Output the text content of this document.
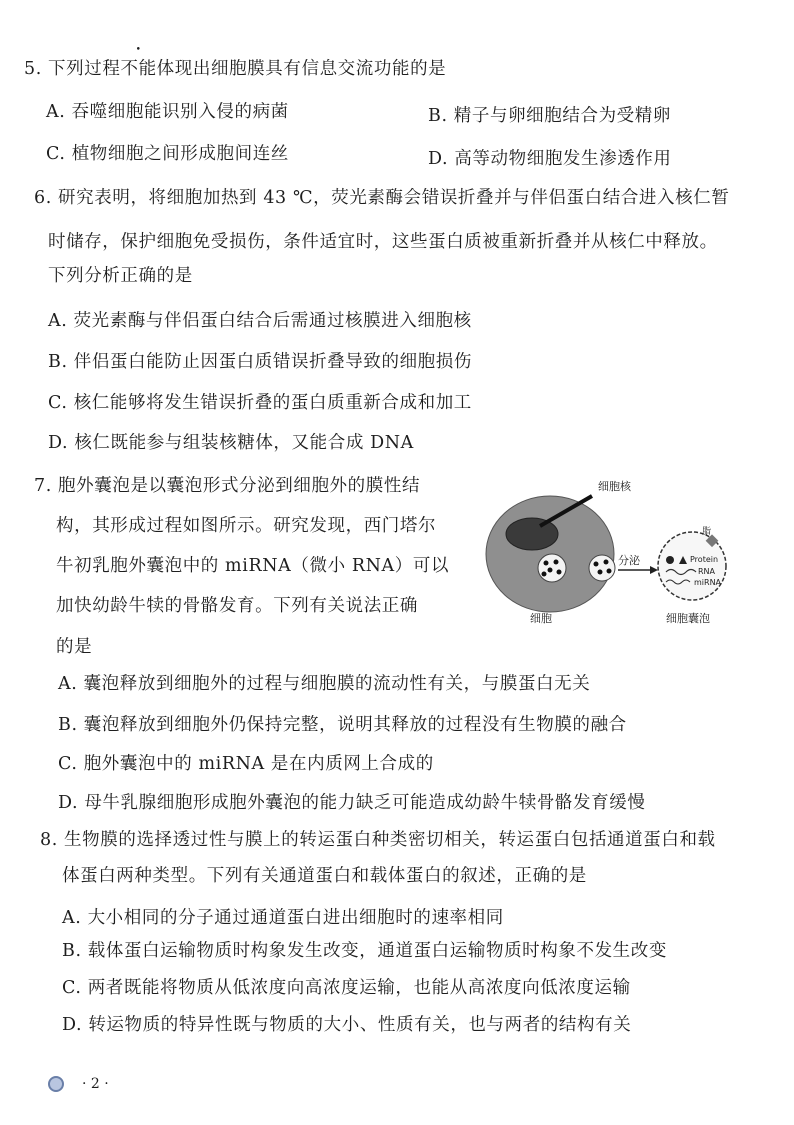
5. 下列过程不能体现出细胞膜具有信息交流功能的是
A. 吞噬细胞能识别入侵的病菌	B. 精子与卵细胞结合为受精卵
C. 植物细胞之间形成胞间连丝	D. 高等动物细胞发生渗透作用
6. 研究表明，将细胞加热到 43 ℃，荧光素酶会错误折叠并与伴侣蛋白结合进入核仁暂
时储存，保护细胞免受损伤，条件适宜时，这些蛋白质被重新折叠并从核仁中释放。
下列分析正确的是
A. 荧光素酶与伴侣蛋白结合后需通过核膜进入细胞核
B. 伴侣蛋白能防止因蛋白质错误折叠导致的细胞损伤
C. 核仁能够将发生错误折叠的蛋白质重新合成和加工
D. 核仁既能参与组装核糖体，又能合成 DNA
7. 胞外囊泡是以囊泡形式分泌到细胞外的膜性结
构，其形成过程如图所示。研究发现，西门塔尔
牛初乳胞外囊泡中的 miRNA（微小 RNA）可以
加快幼龄牛犊的骨骼发育。下列有关说法正确
的是
细胞核
分泌
脂
Protein
RNA
miRNA
细胞	细胞囊泡
A. 囊泡释放到细胞外的过程与细胞膜的流动性有关，与膜蛋白无关
B. 囊泡释放到细胞外仍保持完整，说明其释放的过程没有生物膜的融合
C. 胞外囊泡中的 miRNA 是在内质网上合成的
D. 母牛乳腺细胞形成胞外囊泡的能力缺乏可能造成幼龄牛犊骨骼发育缓慢
8. 生物膜的选择透过性与膜上的转运蛋白种类密切相关，转运蛋白包括通道蛋白和载
体蛋白两种类型。下列有关通道蛋白和载体蛋白的叙述，正确的是
A. 大小相同的分子通过通道蛋白进出细胞时的速率相同
B. 载体蛋白运输物质时构象发生改变，通道蛋白运输物质时构象不发生改变
C. 两者既能将物质从低浓度向高浓度运输，也能从高浓度向低浓度运输
D. 转运物质的特异性既与物质的大小、性质有关，也与两者的结构有关
· 2 ·
